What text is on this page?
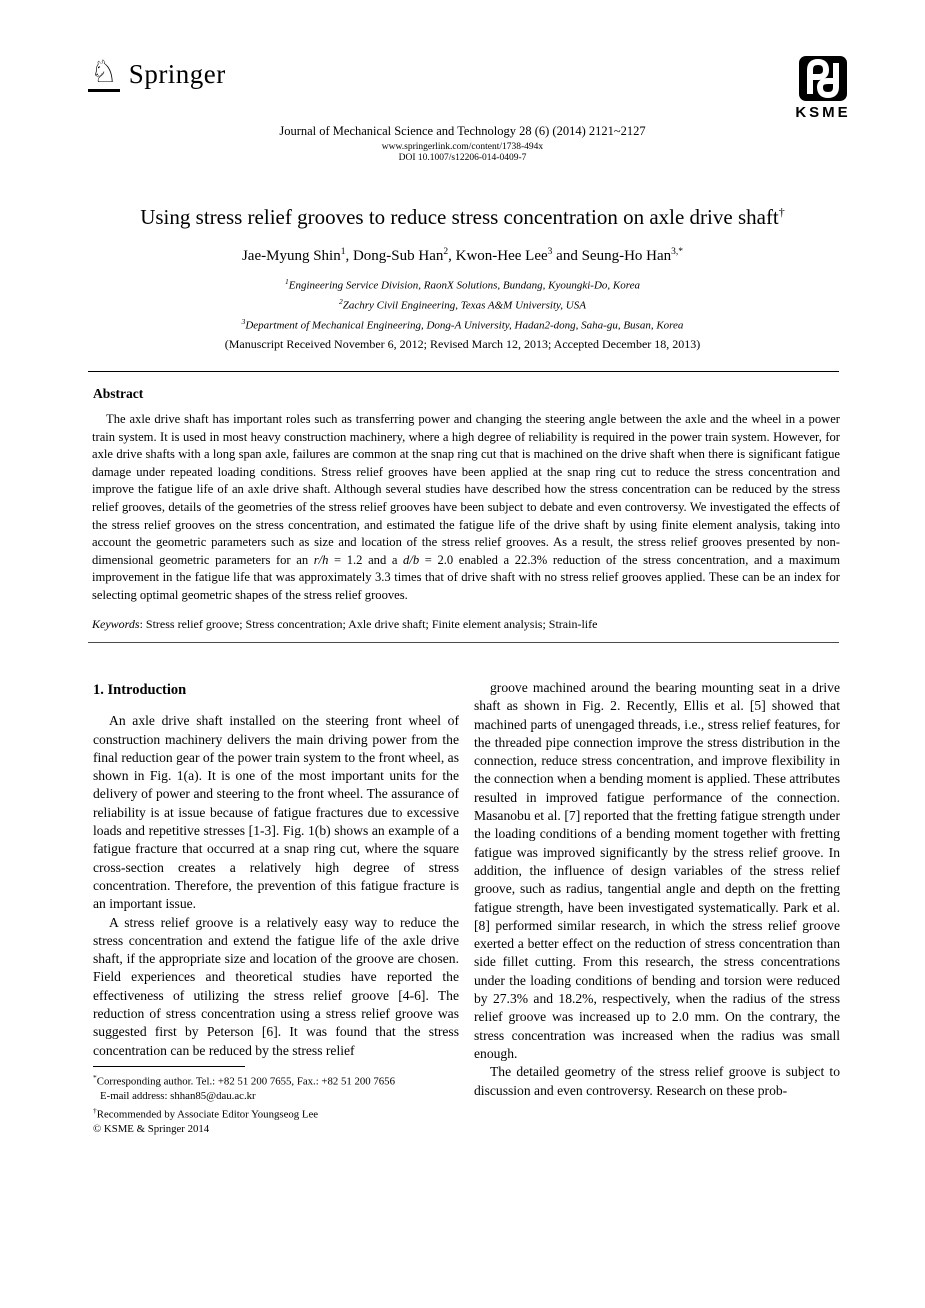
♘ Springer
KSME
Journal of Mechanical Science and Technology 28 (6) (2014) 2121~2127
www.springerlink.com/content/1738-494x
DOI 10.1007/s12206-014-0409-7
Using stress relief grooves to reduce stress concentration on axle drive shaft†
Jae-Myung Shin$^1$, Dong-Sub Han$^2$, Kwon-Hee Lee$^3$ and Seung-Ho Han$^{3,*}$
$^1$Engineering Service Division, RaonX Solutions, Bundang, Kyoungki-Do, Korea
$^2$Zachry Civil Engineering, Texas A&M University, USA
$^3$Department of Mechanical Engineering, Dong-A University, Hadan2-dong, Saha-gu, Busan, Korea
(Manuscript Received November 6, 2012; Revised March 12, 2013; Accepted December 18, 2013)
Abstract
The axle drive shaft has important roles such as transferring power and changing the steering angle between the axle and the wheel in a power train system. It is used in most heavy construction machinery, where a high degree of reliability is required in the power train system. However, for axle drive shafts with a long span axle, failures are common at the snap ring cut that is machined on the drive shaft when there is significant fatigue damage under repeated loading conditions. Stress relief grooves have been applied at the snap ring cut to reduce the stress concentration and improve the fatigue life of an axle drive shaft. Although several studies have described how the stress concentration can be reduced by the stress relief grooves, details of the geometries of the stress relief grooves have been subject to debate and even controversy. We investigated the effects of the stress relief grooves on the stress concentration, and estimated the fatigue life of the drive shaft by using finite element analysis, taking into account the geometric parameters such as size and location of the stress relief grooves. As a result, the stress relief grooves presented by non-dimensional geometric parameters for an r/h = 1.2 and a d/b = 2.0 enabled a 22.3% reduction of the stress concentration, and a maximum improvement in the fatigue life that was approximately 3.3 times that of drive shaft with no stress relief grooves applied. These can be an index for selecting optimal geometric shapes of the stress relief grooves.
Keywords: Stress relief groove; Stress concentration; Axle drive shaft; Finite element analysis; Strain-life
1. Introduction

An axle drive shaft installed on the steering front wheel of construction machinery delivers the main driving power from the final reduction gear of the power train system to the front wheel, as shown in Fig. 1(a). It is one of the most important units for the delivery of power and steering to the front wheel. The assurance of reliability is at issue because of fatigue fractures due to excessive loads and repetitive stresses [1-3]. Fig. 1(b) shows an example of a fatigue fracture that occurred at a snap ring cut, where the square cross-section creates a relatively high degree of stress concentration. Therefore, the prevention of this fatigue fracture is an important issue.

A stress relief groove is a relatively easy way to reduce the stress concentration and extend the fatigue life of the axle drive shaft, if the appropriate size and location of the groove are chosen. Field experiences and theoretical studies have reported the effectiveness of utilizing the stress relief groove [4-6]. The reduction of stress concentration using a stress relief groove was suggested first by Peterson [6]. It was found that the stress concentration can be reduced by the stress relief

groove machined around the bearing mounting seat in a drive shaft as shown in Fig. 2. Recently, Ellis et al. [5] showed that machined parts of unengaged threads, i.e., stress relief features, for the threaded pipe connection improve the stress distribution in the connection, reduce stress concentration, and improve flexibility in the connection when a bending moment is applied. These attributes resulted in improved fatigue performance of the connection. Masanobu et al. [7] reported that the fretting fatigue strength under the loading conditions of a bending moment together with fretting fatigue was improved significantly by the stress relief groove. In addition, the influence of design variables of the stress relief groove, such as radius, tangential angle and depth on the fretting fatigue strength, have been investigated systematically. Park et al. [8] performed similar research, in which the stress relief groove exerted a better effect on the reduction of stress concentration than side fillet cutting. From this research, the stress concentrations under the loading conditions of bending and torsion were reduced by 27.3% and 18.2%, respectively, when the radius of the stress relief groove was increased up to 2.0 mm. On the contrary, the stress concentration was increased when the radius was small enough.

The detailed geometry of the stress relief groove is subject to discussion and even controversy. Research on these prob-

*Corresponding author. Tel.: +82 51 200 7655, Fax.: +82 51 200 7656
E-mail address: shhan85@dau.ac.kr
†Recommended by Associate Editor Youngseog Lee
© KSME & Springer 2014
